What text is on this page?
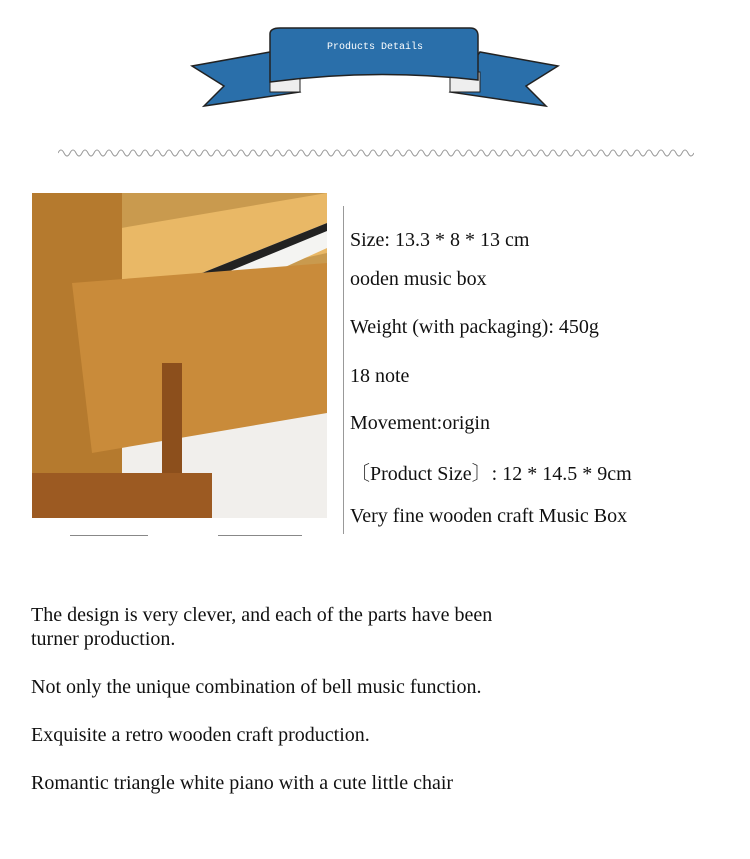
Products Details
Size: 13.3 * 8 * 13 cm
ooden music box
Weight (with packaging): 450g
18 note
Movement:origin
〔Product Size〕: 12 * 14.5 * 9cm
Very fine wooden craft Music Box
The design is very clever, and each of the parts have been
turner production.
Not only the unique combination of bell music function.
Exquisite a retro wooden craft production.
Romantic triangle white piano with a cute little chair
